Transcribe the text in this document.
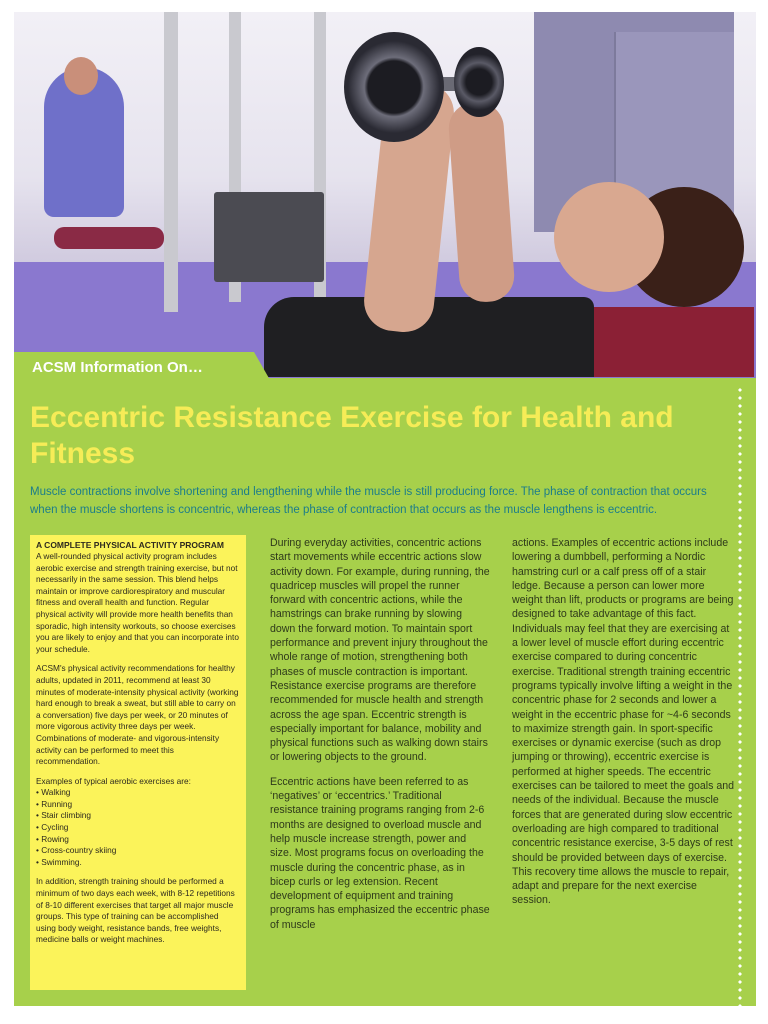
ACSM Information On…
Eccentric Resistance Exercise for Health and Fitness

Muscle contractions involve shortening and lengthening while the muscle is still producing force. The phase of contraction that occurs when the muscle shortens is concentric, whereas the phase of contraction that occurs as the muscle lengthens is eccentric.

A COMPLETE PHYSICAL ACTIVITY PROGRAM

A well-rounded physical activity program includes aerobic exercise and strength training exercise, but not necessarily in the same session. This blend helps maintain or improve cardiorespiratory and muscular fitness and overall health and function. Regular physical activity will provide more health benefits than sporadic, high intensity workouts, so choose exercises you are likely to enjoy and that you can incorporate into your schedule.

ACSM's physical activity recommendations for healthy adults, updated in 2011, recommend at least 30 minutes of moderate-intensity physical activity (working hard enough to break a sweat, but still able to carry on a conversation) five days per week, or 20 minutes of more vigorous activity three days per week. Combinations of moderate- and vigorous-intensity activity can be performed to meet this recommendation.

Examples of typical aerobic exercises are:

• Walking
• Running
• Stair climbing
• Cycling
• Rowing
• Cross-country skiing
• Swimming.

In addition, strength training should be performed a minimum of two days each week, with 8-12 repetitions of 8-10 different exercises that target all major muscle groups. This type of training can be accomplished using body weight, resistance bands, free weights, medicine balls or weight machines.

During everyday activities, concentric actions start movements while eccentric actions slow activity down. For example, during running, the quadricep muscles will propel the runner forward with concentric actions, while the hamstrings can brake running by slowing down the forward motion. To maintain sport performance and prevent injury throughout the whole range of motion, strengthening both phases of muscle contraction is important. Resistance exercise programs are therefore recommended for muscle health and strength across the age span. Eccentric strength is especially important for balance, mobility and physical functions such as walking down stairs or lowering objects to the ground.

Eccentric actions have been referred to as ‘negatives’ or ‘eccentrics.’ Traditional resistance training programs ranging from 2-6 months are designed to overload muscle and help muscle increase strength, power and size. Most programs focus on overloading the muscle during the concentric phase, as in bicep curls or leg extension. Recent development of equipment and training programs has emphasized the eccentric phase of muscle

actions. Examples of eccentric actions include lowering a dumbbell, performing a Nordic hamstring curl or a calf press off of a stair ledge. Because a person can lower more weight than lift, products or programs are being designed to take advantage of this fact. Individuals may feel that they are exercising at a lower level of muscle effort during eccentric exercise compared to during concentric exercise. Traditional strength training eccentric programs typically involve lifting a weight in the concentric phase for 2 seconds and lower a weight in the eccentric phase for ~4-6 seconds to maximize strength gain. In sport-specific exercises or dynamic exercise (such as drop jumping or throwing), eccentric exercise is performed at higher speeds. The eccentric exercises can be tailored to meet the goals and needs of the individual. Because the muscle forces that are generated during slow eccentric overloading are high compared to traditional concentric resistance exercise, 3-5 days of rest should be provided between days of exercise. This recovery time allows the muscle to repair, adapt and prepare for the next exercise session.
